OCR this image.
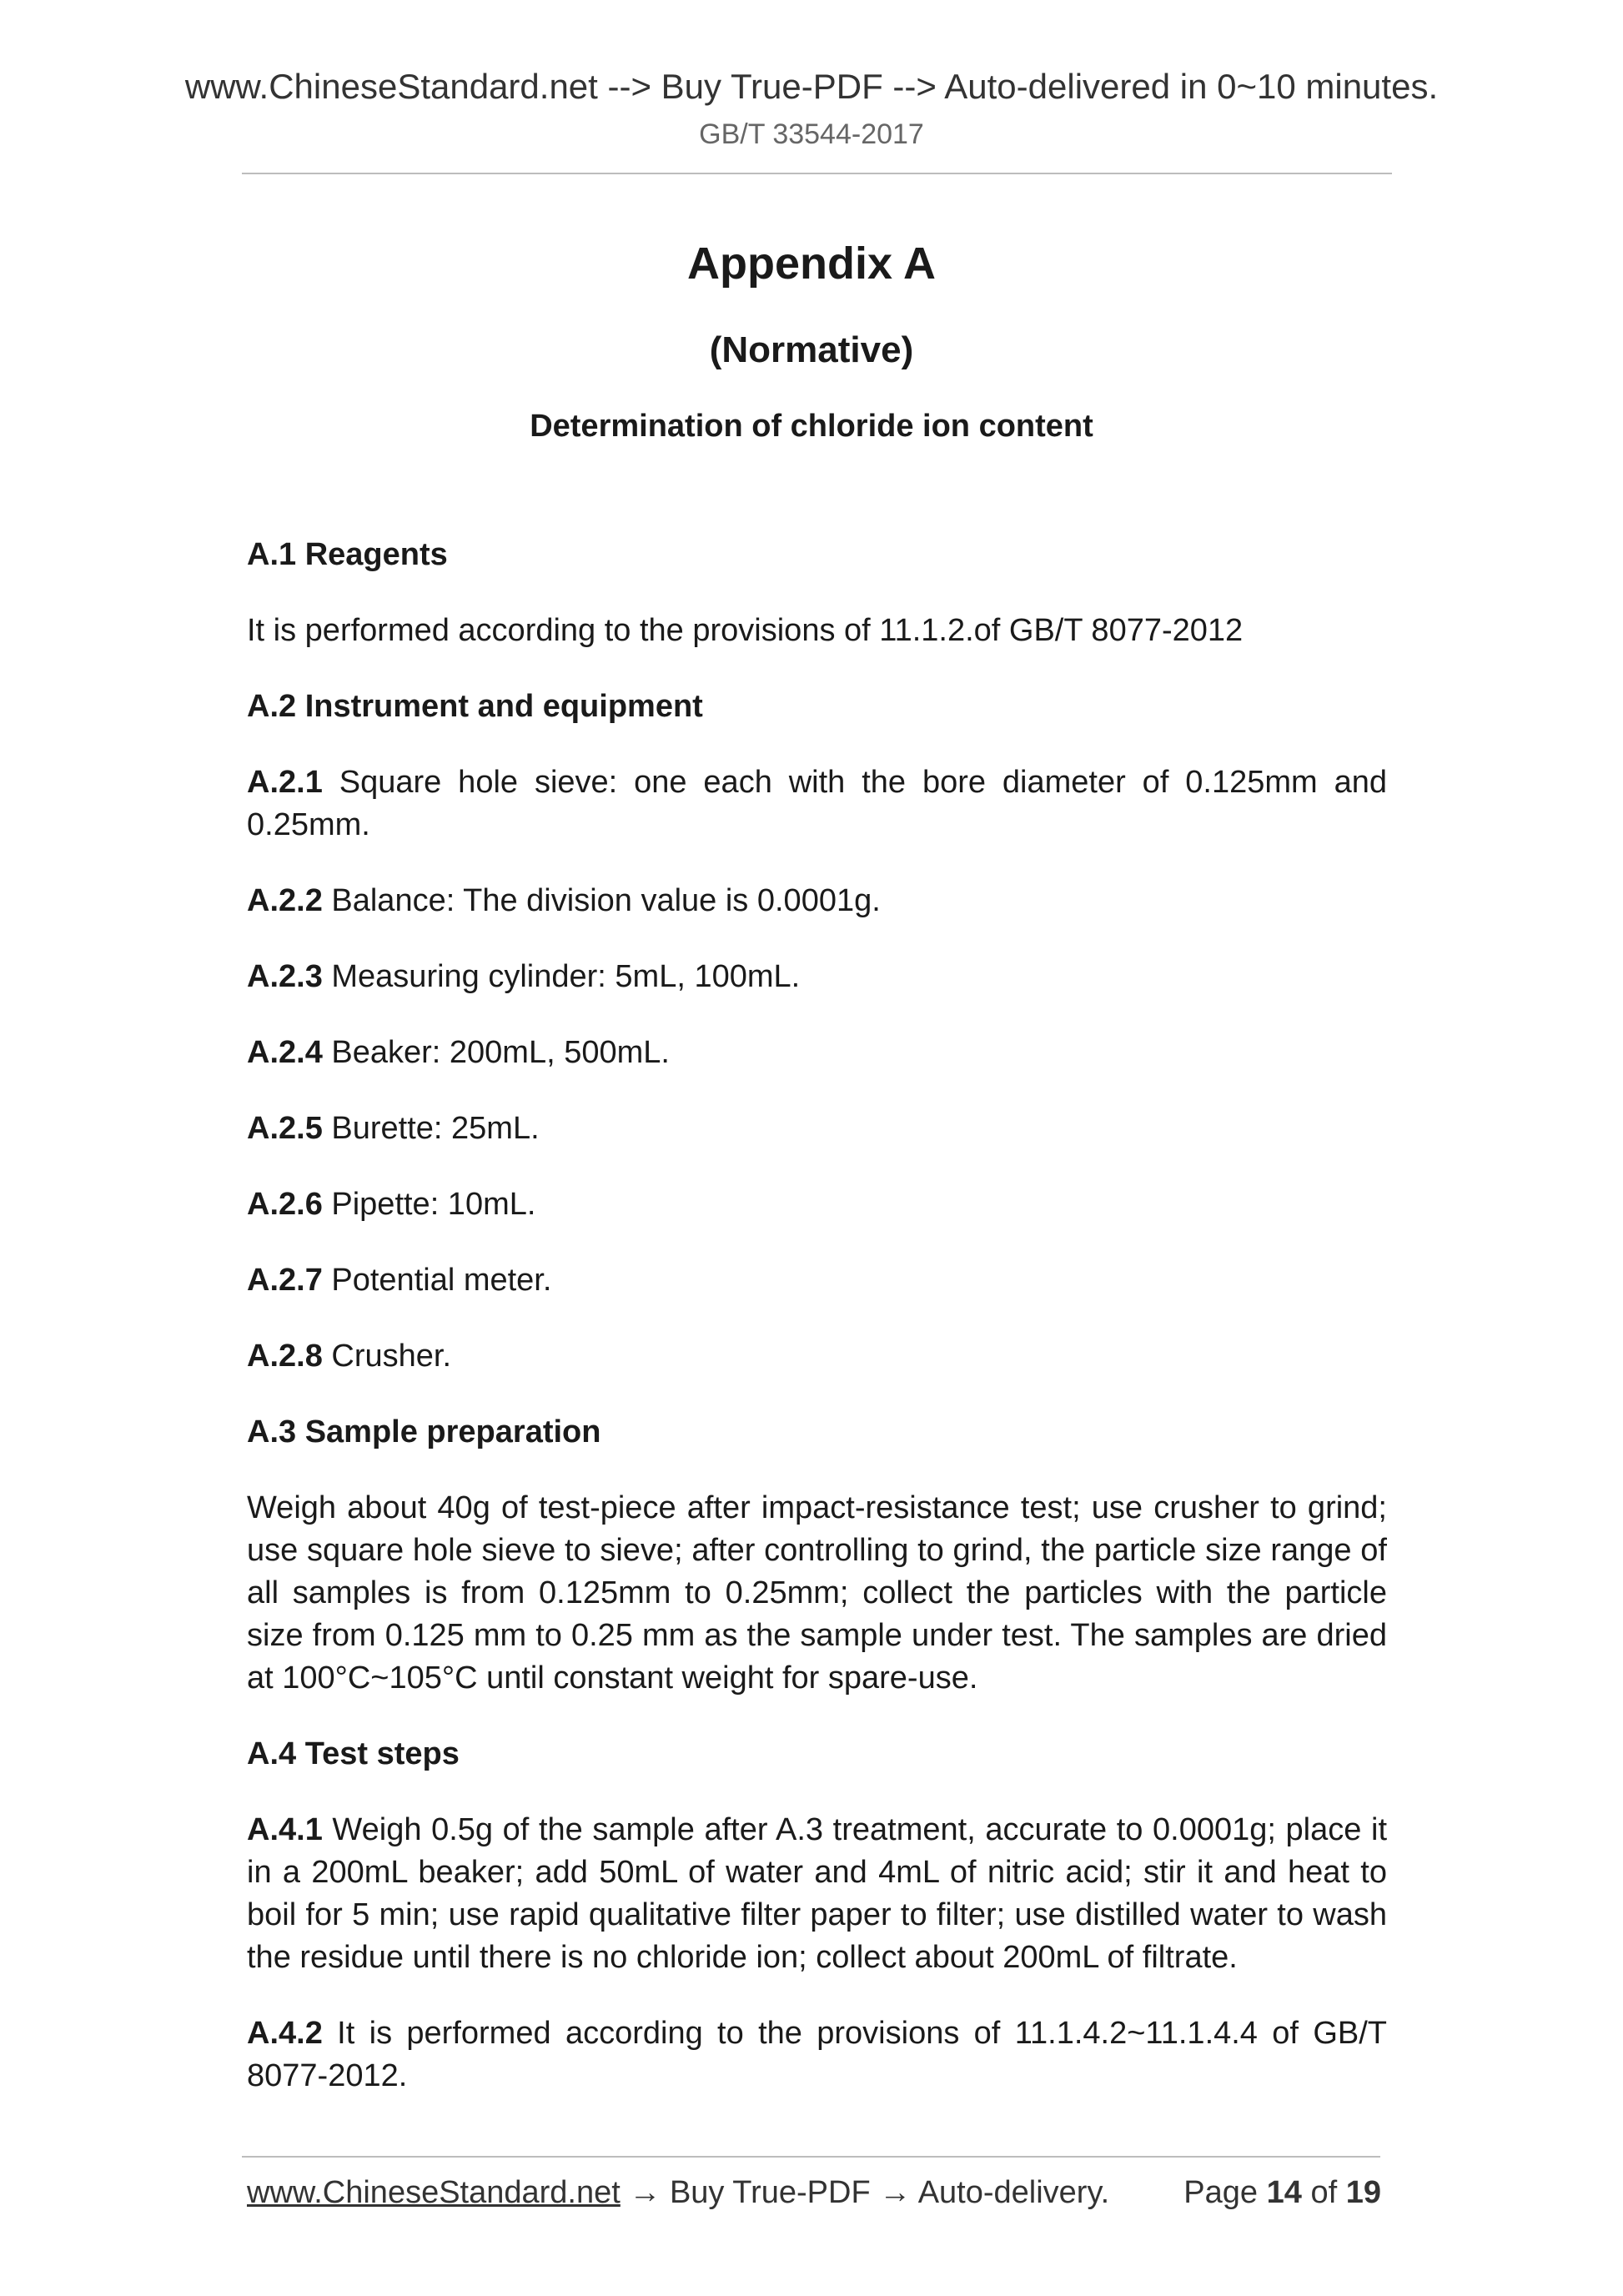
www.ChineseStandard.net --> Buy True-PDF --> Auto-delivered in 0~10 minutes.
GB/T 33544-2017
Appendix A
(Normative)
Determination of chloride ion content
A.1 Reagents

It is performed according to the provisions of 11.1.2.of GB/T 8077-2012

A.2 Instrument and equipment

A.2.1 Square hole sieve: one each with the bore diameter of 0.125mm and 0.25mm.

A.2.2 Balance: The division value is 0.0001g.

A.2.3 Measuring cylinder: 5mL, 100mL.

A.2.4 Beaker: 200mL, 500mL.

A.2.5 Burette: 25mL.

A.2.6 Pipette: 10mL.

A.2.7 Potential meter.

A.2.8 Crusher.

A.3 Sample preparation

Weigh about 40g of test-piece after impact-resistance test; use crusher to grind; use square hole sieve to sieve; after controlling to grind, the particle size range of all samples is from 0.125mm to 0.25mm; collect the particles with the particle size from 0.125 mm to 0.25 mm as the sample under test. The samples are dried at 100°C~105°C until constant weight for spare-use.

A.4 Test steps

A.4.1 Weigh 0.5g of the sample after A.3 treatment, accurate to 0.0001g; place it in a 200mL beaker; add 50mL of water and 4mL of nitric acid; stir it and heat to boil for 5 min; use rapid qualitative filter paper to filter; use distilled water to wash the residue until there is no chloride ion; collect about 200mL of filtrate.

A.4.2 It is performed according to the provisions of 11.1.4.2~11.1.4.4 of GB/T 8077-2012.

www.ChineseStandard.net → Buy True-PDF → Auto-delivery. Page 14 of 19
